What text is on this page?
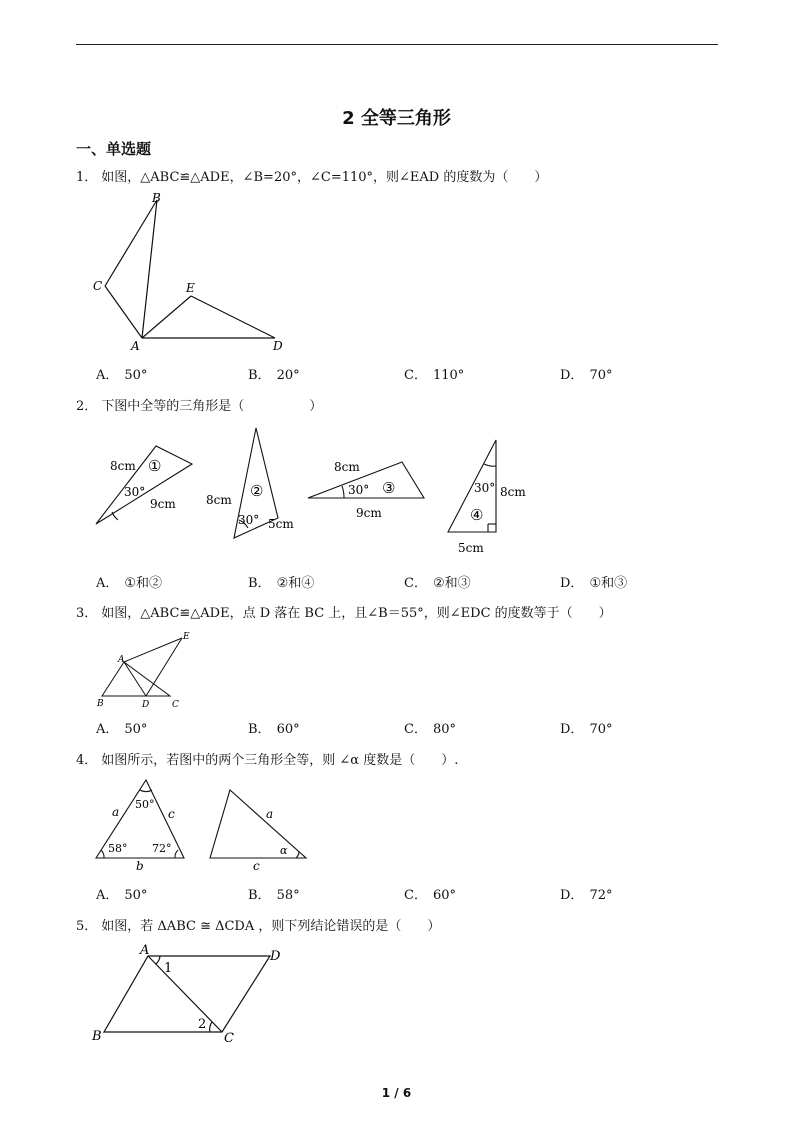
2 全等三角形
一、单选题
1． 如图，△ABC≌△ADE，∠B=20°，∠C=110°，则∠EAD 的度数为（　　）
B
C	E
A	D
A． 50°	B． 20°	C． 110°	D． 70°
2． 下图中全等的三角形是（　　　　　）
8cm
30°
9cm
①
8cm
30° 5cm
②
8cm
30°
9cm
③	30° 8cm
5cm
④
A． ①和②	B． ②和④	C． ②和③	D． ①和③
3． 如图，△ABC≌△ADE，点 D 落在 BC 上，且∠B＝55°，则∠EDC 的度数等于（　　）
A
E
B	D	C
A． 50°	B． 60°	C． 80°	D． 70°
4． 如图所示，若图中的两个三角形全等，则 ∠α 度数是（　　）.
a	c
b
50°
58° 72°
a
c
α
A． 50°	B． 58°	C． 60°	D． 72°
5． 如图，若 ΔABC ≅ ΔCDA ，则下列结论错误的是（　　）
A	D
B	C
1
2
1 / 6
